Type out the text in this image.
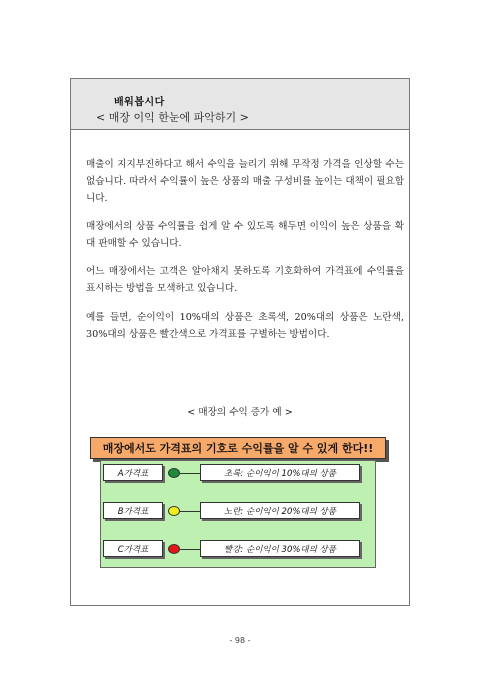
배워봅시다
< 매장 이익 한눈에 파악하기 >
매출이 지지부진하다고 해서 수익을 늘리기 위해 무작정 가격을 인상할 수는 없습니다. 따라서 수익률이 높은 상품의 매출 구성비를 높이는 대책이 필요합니다.
매장에서의 상품 수익률을 쉽게 알 수 있도록 해두면 이익이 높은 상품을 확대 판매할 수 있습니다.
어느 매장에서는 고객은 알아채지 못하도록 기호화하여 가격표에 수익률을 표시하는 방법을 모색하고 있습니다.
예를 들면, 순이익이 10%대의 상품은 초록색, 20%대의 상품은 노란색, 30%대의 상품은 빨간색으로 가격표를 구별하는 방법이다.
< 매장의 수익 증가 예 >
매장에서도 가격표의 기호로 수익률을 알 수 있게 한다!!
A가격표	초록: 순이익이 10%대의 상품
B가격표	노란: 순이익이 20%대의 상품
C가격표	빨강: 순이익이 30%대의 상품
- 98 -
